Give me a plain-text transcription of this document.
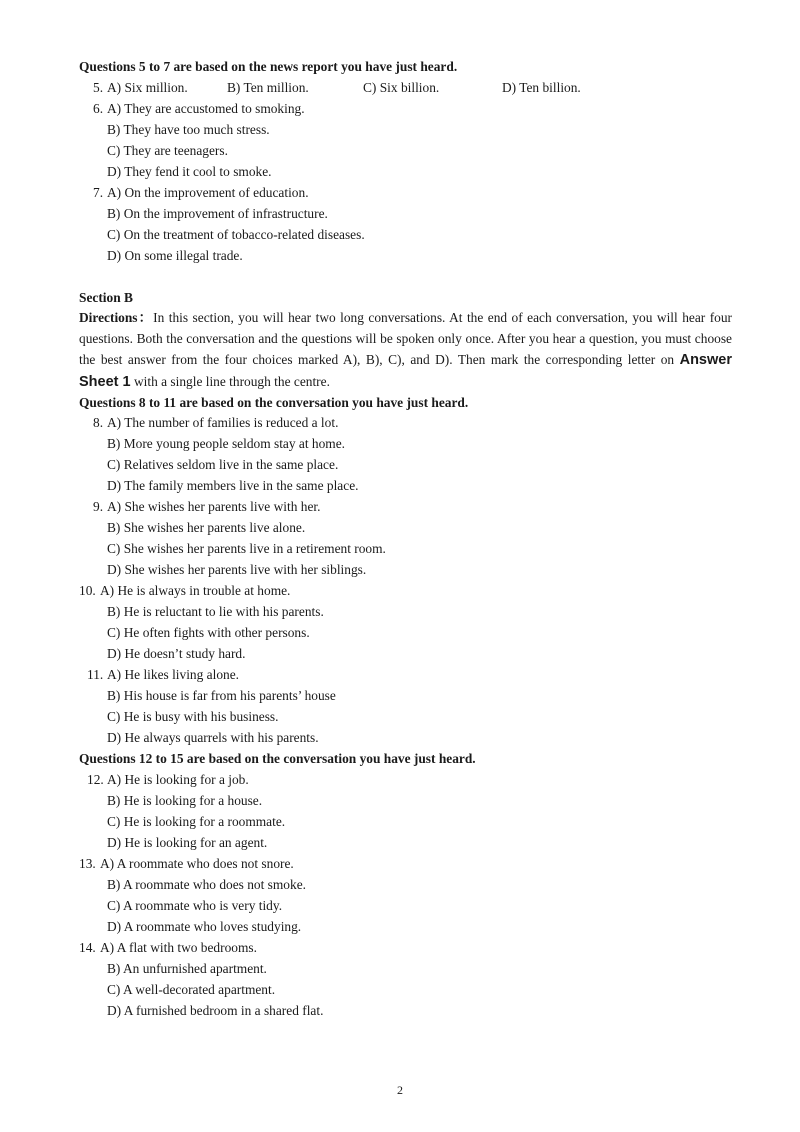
Questions 5 to 7 are based on the news report you have just heard.
5. A) Six million.	B) Ten million.	C) Six billion.	D) Ten billion.
6. A) They are accustomed to smoking.
B) They have too much stress.
C) They are teenagers.
D) They fend it cool to smoke.
7. A) On the improvement of education.
B) On the improvement of infrastructure.
C) On the treatment of tobacco-related diseases.
D) On some illegal trade.
Section B
Directions：In this section, you will hear two long conversations. At the end of each conversation, you will hear four questions. Both the conversation and the questions will be spoken only once. After you hear a question, you must choose the best answer from the four choices marked A), B), C), and D). Then mark the corresponding letter on Answer Sheet 1 with a single line through the centre.
Questions 8 to 11 are based on the conversation you have just heard.
8. A) The number of families is reduced a lot.
B) More young people seldom stay at home.
C) Relatives seldom live in the same place.
D) The family members live in the same place.
9. A) She wishes her parents live with her.
B) She wishes her parents live alone.
C) She wishes her parents live in a retirement room.
D) She wishes her parents live with her siblings.
10. A) He is always in trouble at home.
B) He is reluctant to lie with his parents.
C) He often fights with other persons.
D) He doesn’t study hard.
11. A) He likes living alone.
B) His house is far from his parents’ house
C) He is busy with his business.
D) He always quarrels with his parents.
Questions 12 to 15 are based on the conversation you have just heard.
12. A) He is looking for a job.
B) He is looking for a house.
C) He is looking for a roommate.
D) He is looking for an agent.
13. A) A roommate who does not snore.
B) A roommate who does not smoke.
C) A roommate who is very tidy.
D) A roommate who loves studying.
14. A) A flat with two bedrooms.
B) An unfurnished apartment.
C) A well-decorated apartment.
D) A furnished bedroom in a shared flat.
2
